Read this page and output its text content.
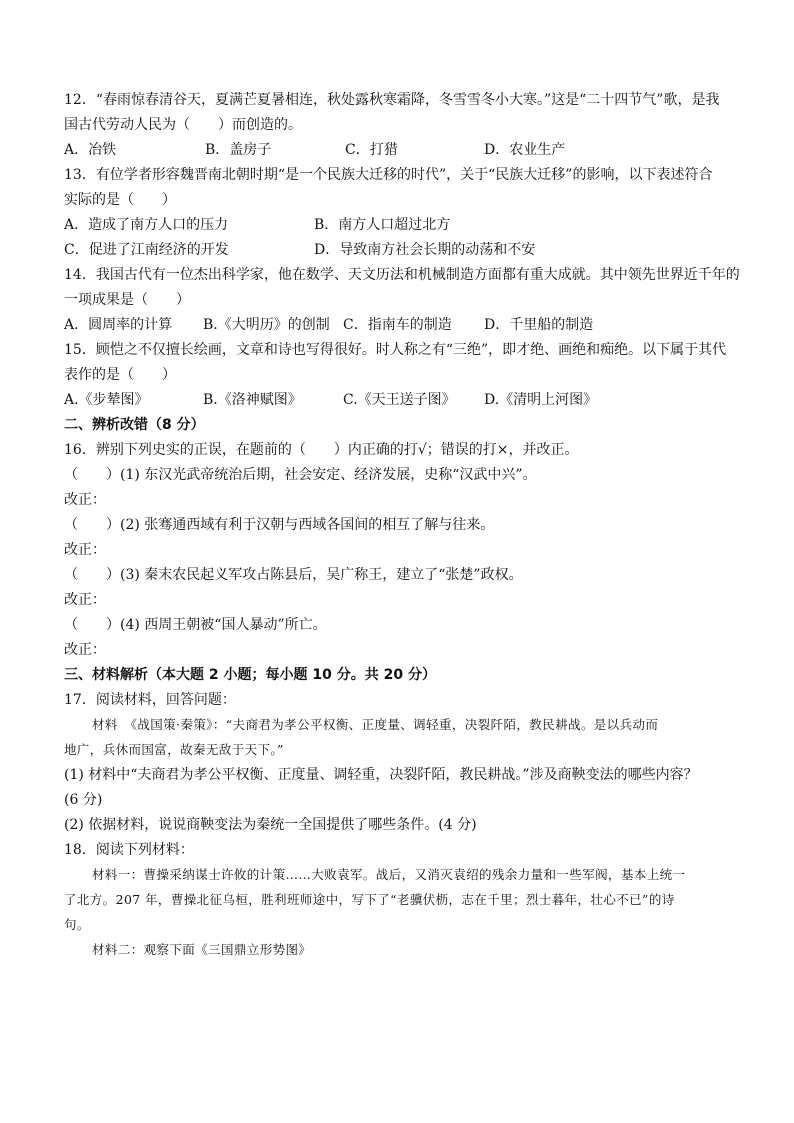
12．“春雨惊春清谷天，夏满芒夏暑相连，秋处露秋寒霜降，冬雪雪冬小大寒。”这是“二十四节气”歌，是我
国古代劳动人民为（　　）而创造的。
A．冶铁	B．盖房子	C．打猎	D．农业生产
13．有位学者形容魏晋南北朝时期“是一个民族大迁移的时代”，关于“民族大迁移”的影响，以下表述符合
实际的是（　　）
A．造成了南方人口的压力	B．南方人口超过北方
C．促进了江南经济的开发	D．导致南方社会长期的动荡和不安
14．我国古代有一位杰出科学家，他在数学、天文历法和机械制造方面都有重大成就。其中领先世界近千年的
一项成果是（　　）
A．圆周率的计算 B.《大明历》的创制 C．指南车的制造 D．千里船的制造
15．顾恺之不仅擅长绘画，文章和诗也写得很好。时人称之有“三绝”，即才绝、画绝和痴绝。以下属于其代
表作的是（　　）
A.《步辇图》	B.《洛神赋图》	C.《天王送子图》 D.《清明上河图》
二、辨析改错（8 分）
16．辨别下列史实的正误，在题前的（　　）内正确的打√；错误的打×，并改正。
（　　）(1) 东汉光武帝统治后期，社会安定、经济发展，史称“汉武中兴”。
改正：
（　　）(2) 张骞通西域有利于汉朝与西域各国间的相互了解与往来。
改正：
（　　）(3) 秦末农民起义军攻占陈县后，吴广称王，建立了“张楚”政权。
改正：
（　　）(4) 西周王朝被“国人暴动”所亡。
改正：
三、材料解析（本大题 2 小题；每小题 10 分。共 20 分）
17．阅读材料，回答问题：
材料　《战国策·秦策》：“夫商君为孝公平权衡、正度量、调轻重，决裂阡陌，教民耕战。是以兵动而
地广，兵休而国富，故秦无敌于天下。”
(1) 材料中“夫商君为孝公平权衡、正度量、调轻重，决裂阡陌，教民耕战。”涉及商鞅变法的哪些内容？
(6 分)
(2) 依据材料，说说商鞅变法为秦统一全国提供了哪些条件。(4 分)
18．阅读下列材料：
材料一：曹操采纳谋士许攸的计策……大败袁军。战后，又消灭袁绍的残余力量和一些军阀，基本上统一
了北方。207 年，曹操北征乌桓，胜利班师途中，写下了“老骥伏枥，志在千里；烈士暮年，壮心不已”的诗
句。
材料二：观察下面《三国鼎立形势图》
